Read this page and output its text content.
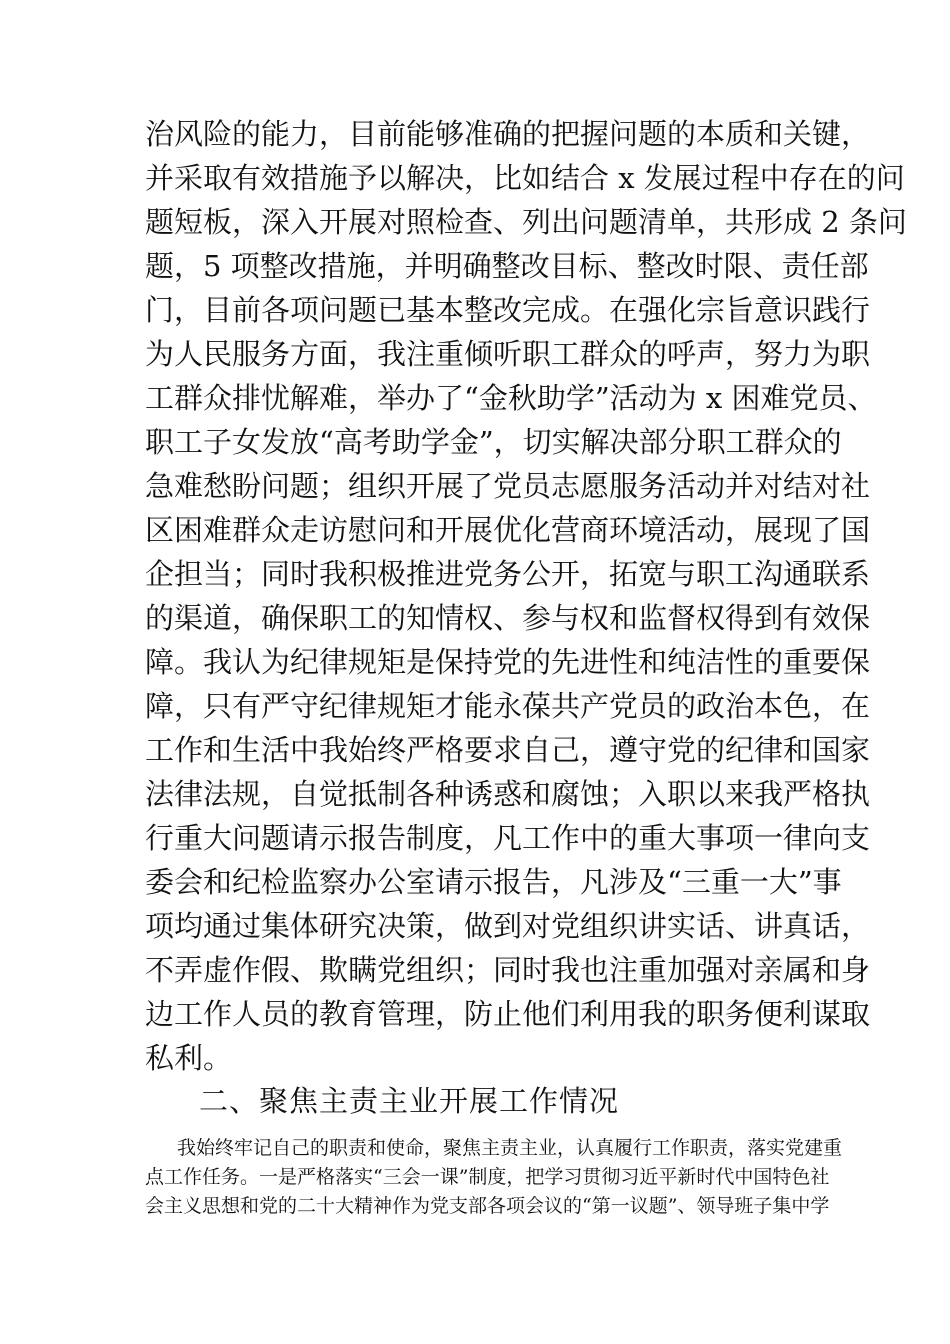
治风险的能力，目前能够准确的把握问题的本质和关键，
并采取有效措施予以解决，比如结合 x 发展过程中存在的问
题短板，深入开展对照检查、列出问题清单，共形成 2 条问
题，5 项整改措施，并明确整改目标、整改时限、责任部
门，目前各项问题已基本整改完成。在强化宗旨意识践行
为人民服务方面，我注重倾听职工群众的呼声，努力为职
工群众排忧解难，举办了“金秋助学”活动为 x 困难党员、
职工子女发放“高考助学金”，切实解决部分职工群众的
急难愁盼问题；组织开展了党员志愿服务活动并对结对社
区困难群众走访慰问和开展优化营商环境活动，展现了国
企担当；同时我积极推进党务公开，拓宽与职工沟通联系
的渠道，确保职工的知情权、参与权和监督权得到有效保
障。我认为纪律规矩是保持党的先进性和纯洁性的重要保
障，只有严守纪律规矩才能永葆共产党员的政治本色，在
工作和生活中我始终严格要求自己，遵守党的纪律和国家
法律法规，自觉抵制各种诱惑和腐蚀；入职以来我严格执
行重大问题请示报告制度，凡工作中的重大事项一律向支
委会和纪检监察办公室请示报告，凡涉及“三重一大”事
项均通过集体研究决策，做到对党组织讲实话、讲真话，
不弄虚作假、欺瞒党组织；同时我也注重加强对亲属和身
边工作人员的教育管理，防止他们利用我的职务便利谋取
私利。
二、聚焦主责主业开展工作情况
我始终牢记自己的职责和使命，聚焦主责主业，认真履行工作职责，落实党建重
点工作任务。一是严格落实“三会一课”制度，把学习贯彻习近平新时代中国特色社
会主义思想和党的二十大精神作为党支部各项会议的“第一议题”、领导班子集中学
